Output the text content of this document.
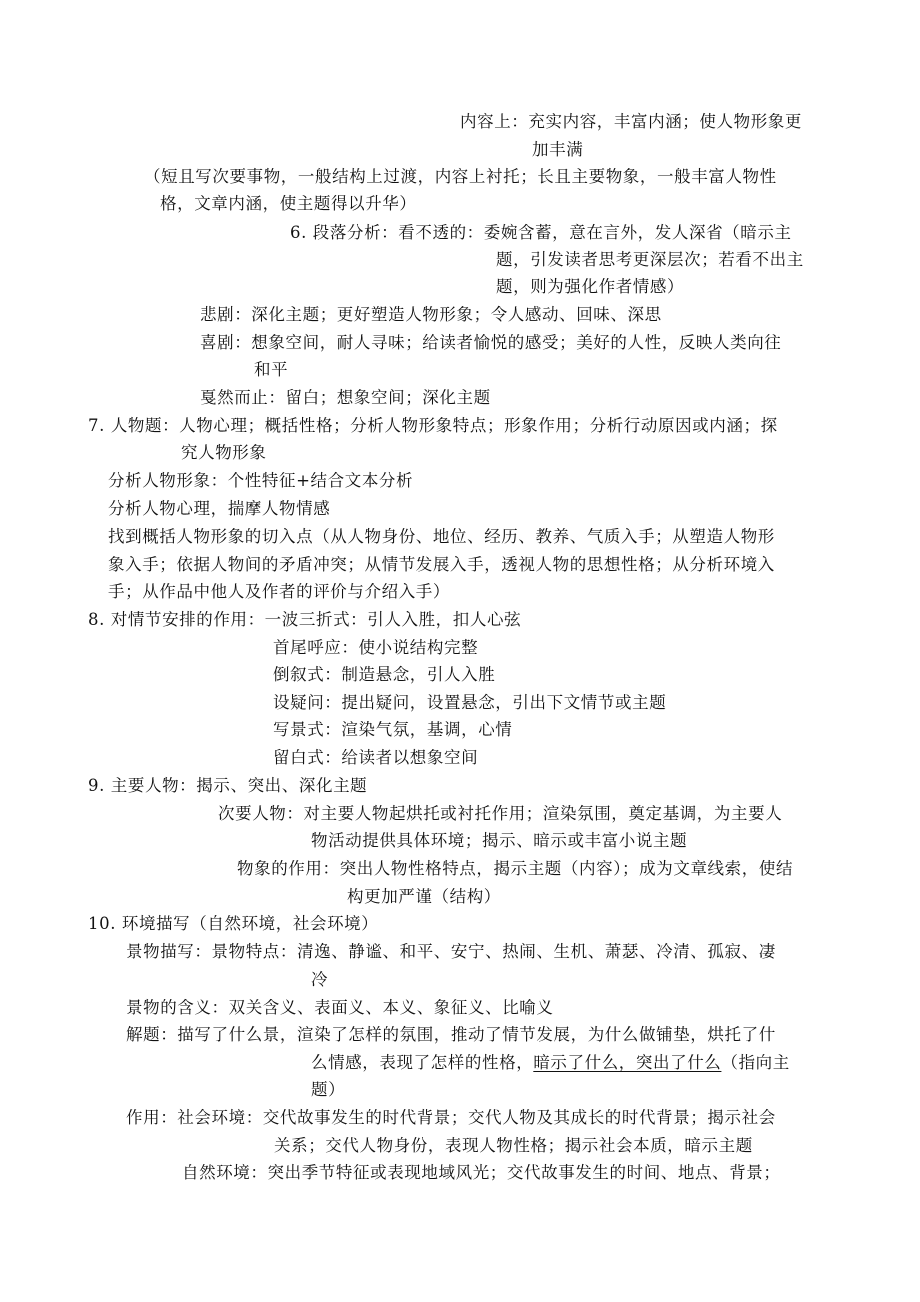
内容上：充实内容，丰富内涵；使人物形象更
加丰满
（短且写次要事物，一般结构上过渡，内容上衬托；长且主要物象，一般丰富人物性
格，文章内涵，使主题得以升华）
6. 段落分析：看不透的：委婉含蓄，意在言外，发人深省（暗示主
题，引发读者思考更深层次；若看不出主
题，则为强化作者情感）
悲剧：深化主题；更好塑造人物形象；令人感动、回味、深思
喜剧：想象空间，耐人寻味；给读者愉悦的感受；美好的人性，反映人类向往
和平
戛然而止：留白；想象空间；深化主题
7. 人物题：人物心理；概括性格；分析人物形象特点；形象作用；分析行动原因或内涵；探
究人物形象
分析人物形象：个性特征+结合文本分析
分析人物心理，揣摩人物情感
找到概括人物形象的切入点（从人物身份、地位、经历、教养、气质入手；从塑造人物形
象入手；依据人物间的矛盾冲突；从情节发展入手，透视人物的思想性格；从分析环境入
手；从作品中他人及作者的评价与介绍入手）
8. 对情节安排的作用：一波三折式：引人入胜，扣人心弦
首尾呼应：使小说结构完整
倒叙式：制造悬念，引人入胜
设疑问：提出疑问，设置悬念，引出下文情节或主题
写景式：渲染气氛，基调，心情
留白式：给读者以想象空间
9. 主要人物：揭示、突出、深化主题
次要人物：对主要人物起烘托或衬托作用；渲染氛围，奠定基调，为主要人
物活动提供具体环境；揭示、暗示或丰富小说主题
物象的作用：突出人物性格特点，揭示主题（内容）；成为文章线索，使结
构更加严谨（结构）
10. 环境描写（自然环境，社会环境）
景物描写：景物特点：清逸、静谧、和平、安宁、热闹、生机、萧瑟、冷清、孤寂、凄
冷
景物的含义：双关含义、表面义、本义、象征义、比喻义
解题：描写了什么景，渲染了怎样的氛围，推动了情节发展，为什么做铺垫，烘托了什
么情感，表现了怎样的性格，暗示了什么，突出了什么（指向主
题）
作用：社会环境：交代故事发生的时代背景；交代人物及其成长的时代背景；揭示社会
关系；交代人物身份，表现人物性格；揭示社会本质，暗示主题
自然环境：突出季节特征或表现地域风光；交代故事发生的时间、地点、背景；
